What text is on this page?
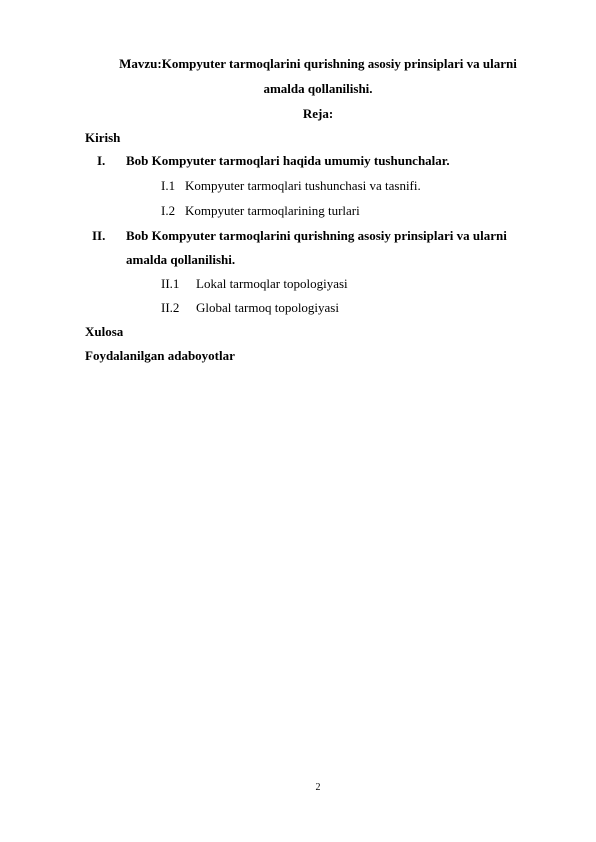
Mavzu:Kompyuter tarmoqlarini qurishning asosiy prinsiplari va ularni
amalda qollanilishi.
Reja:
Kirish
I. Bob Kompyuter tarmoqlari haqida umumiy tushunchalar.
I.1 Kompyuter tarmoqlari tushunchasi va tasnifi.
I.2 Kompyuter tarmoqlarining turlari
II. Bob Kompyuter tarmoqlarini qurishning asosiy prinsiplari va ularni
amalda qollanilishi.
II.1 Lokal tarmoqlar topologiyasi
II.2 Global tarmoq topologiyasi
Xulosa
Foydalanilgan adaboyotlar
2
